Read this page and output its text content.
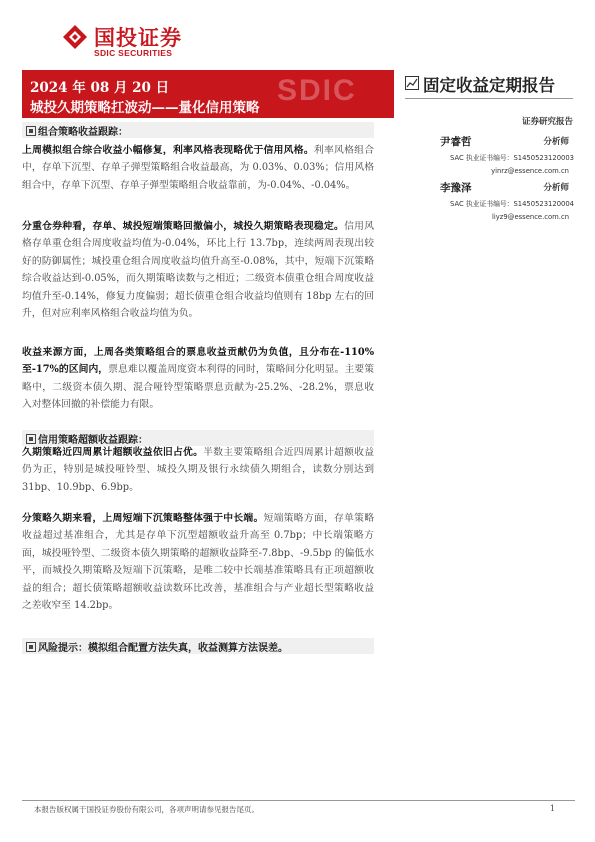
国投证券
SDIC SECURITIES
SDIC
2024 年 08 月 20 日
城投久期策略扛波动——量化信用策略
固定收益定期报告
证券研究报告
尹睿哲	分析师
SAC 执业证书编号：S1450523120003
yinrz@essence.com.cn
李豫泽	分析师
SAC 执业证书编号：S1450523120004
liyz9@essence.com.cn
组合策略收益跟踪：
上周模拟组合综合收益小幅修复，利率风格表现略优于信用风格。利率风格组合中，存单下沉型、存单子弹型策略组合收益最高，为 0.03%、0.03%；信用风格组合中，存单下沉型、存单子弹型策略组合收益靠前，为-0.04%、-0.04%。
分重仓券种看，存单、城投短端策略回撤偏小，城投久期策略表现稳定。信用风格存单重仓组合周度收益均值为-0.04%，环比上行 13.7bp，连续两周表现出较好的防御属性；城投重仓组合周度收益均值升高至-0.08%，其中，短端下沉策略综合收益达到-0.05%，而久期策略读数与之相近；二级资本债重仓组合周度收益均值升至-0.14%，修复力度偏弱；超长债重仓组合收益均值则有 18bp 左右的回升，但对应利率风格组合收益均值为负。
收益来源方面，上周各类策略组合的票息收益贡献仍为负值，且分布在-110%至-17%的区间内，票息难以覆盖周度资本利得的同时，策略间分化明显。主要策略中，二级资本债久期、混合哑铃型策略票息贡献为-25.2%、-28.2%，票息收入对整体回撤的补偿能力有限。
信用策略超额收益跟踪：
久期策略近四周累计超额收益依旧占优。半数主要策略组合近四周累计超额收益仍为正，特别是城投哑铃型、城投久期及银行永续债久期组合，读数分别达到 31bp、10.9bp、6.9bp。
分策略久期来看，上周短端下沉策略整体强于中长端。短端策略方面，存单策略收益超过基准组合，尤其是存单下沉型超额收益升高至 0.7bp；中长端策略方面，城投哑铃型、二级资本债久期策略的超额收益降至-7.8bp、-9.5bp 的偏低水平，而城投久期策略及短端下沉策略，是唯二较中长端基准策略具有正项超额收益的组合；超长债策略超额收益读数环比改善，基准组合与产业超长型策略收益之差收窄至 14.2bp。
风险提示：模拟组合配置方法失真，收益测算方法误差。
本报告版权属于国投证券股份有限公司，各项声明请参见报告尾页。	1
